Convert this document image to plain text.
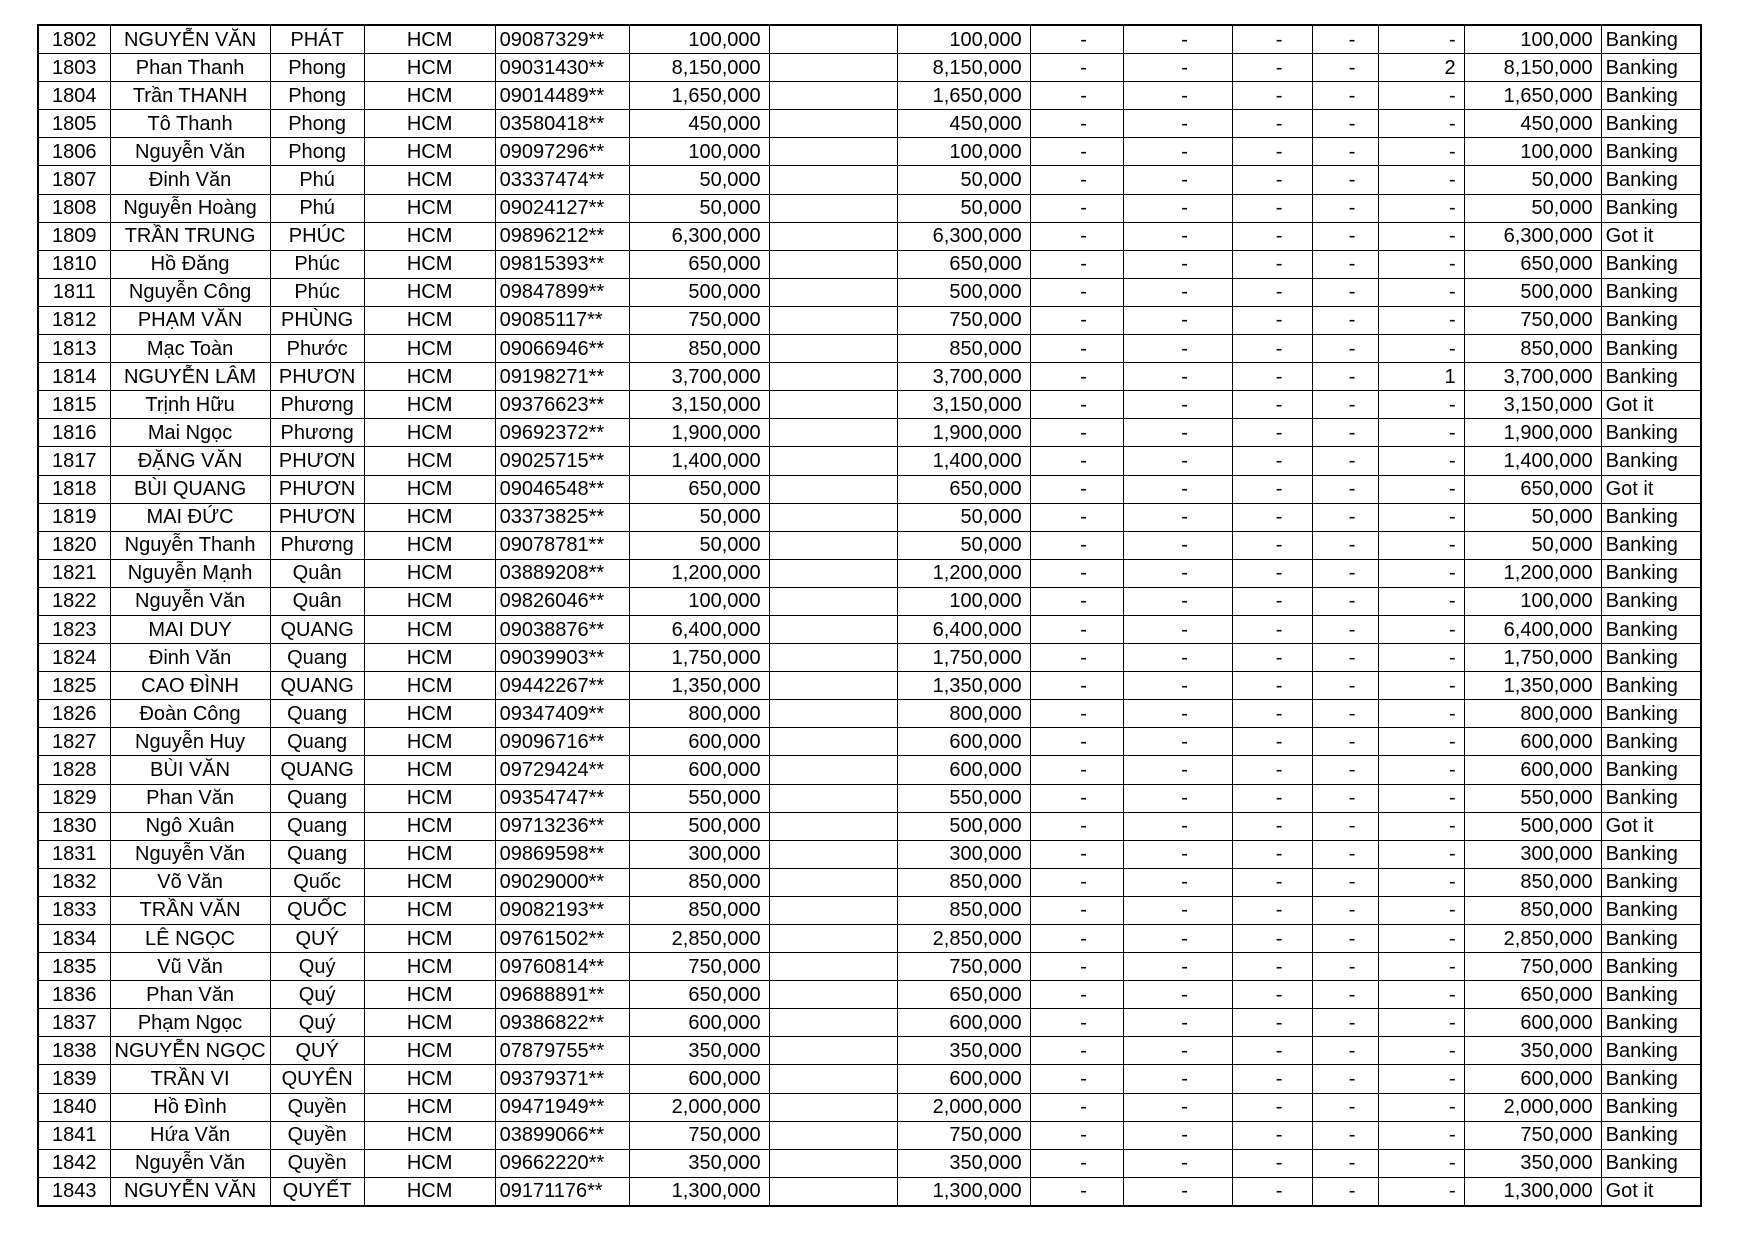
1802	NGUYỄN VĂN	PHÁT	HCM	09087329**	100,000		100,000	-	-	-	-	-	100,000	Banking
1803	Phan Thanh	Phong	HCM	09031430**	8,150,000		8,150,000	-	-	-	-	2	8,150,000	Banking
1804	Trần THANH	Phong	HCM	09014489**	1,650,000		1,650,000	-	-	-	-	-	1,650,000	Banking
1805	Tô Thanh	Phong	HCM	03580418**	450,000		450,000	-	-	-	-	-	450,000	Banking
1806	Nguyễn Văn	Phong	HCM	09097296**	100,000		100,000	-	-	-	-	-	100,000	Banking
1807	Đinh Văn	Phú	HCM	03337474**	50,000		50,000	-	-	-	-	-	50,000	Banking
1808	Nguyễn Hoàng	Phú	HCM	09024127**	50,000		50,000	-	-	-	-	-	50,000	Banking
1809	TRẦN TRUNG	PHÚC	HCM	09896212**	6,300,000		6,300,000	-	-	-	-	-	6,300,000	Got it
1810	Hồ Đăng	Phúc	HCM	09815393**	650,000		650,000	-	-	-	-	-	650,000	Banking
1811	Nguyễn Công	Phúc	HCM	09847899**	500,000		500,000	-	-	-	-	-	500,000	Banking
1812	PHẠM VĂN	PHÙNG	HCM	09085117**	750,000		750,000	-	-	-	-	-	750,000	Banking
1813	Mạc Toàn	Phước	HCM	09066946**	850,000		850,000	-	-	-	-	-	850,000	Banking
1814	NGUYỄN LÂM	PHƯƠN	HCM	09198271**	3,700,000		3,700,000	-	-	-	-	1	3,700,000	Banking
1815	Trịnh Hữu	Phương	HCM	09376623**	3,150,000		3,150,000	-	-	-	-	-	3,150,000	Got it
1816	Mai Ngọc	Phương	HCM	09692372**	1,900,000		1,900,000	-	-	-	-	-	1,900,000	Banking
1817	ĐẶNG VĂN	PHƯƠN	HCM	09025715**	1,400,000		1,400,000	-	-	-	-	-	1,400,000	Banking
1818	BÙI QUANG	PHƯƠN	HCM	09046548**	650,000		650,000	-	-	-	-	-	650,000	Got it
1819	MAI ĐỨC	PHƯƠN	HCM	03373825**	50,000		50,000	-	-	-	-	-	50,000	Banking
1820	Nguyễn Thanh	Phương	HCM	09078781**	50,000		50,000	-	-	-	-	-	50,000	Banking
1821	Nguyễn Mạnh	Quân	HCM	03889208**	1,200,000		1,200,000	-	-	-	-	-	1,200,000	Banking
1822	Nguyễn Văn	Quân	HCM	09826046**	100,000		100,000	-	-	-	-	-	100,000	Banking
1823	MAI DUY	QUANG	HCM	09038876**	6,400,000		6,400,000	-	-	-	-	-	6,400,000	Banking
1824	Đinh Văn	Quang	HCM	09039903**	1,750,000		1,750,000	-	-	-	-	-	1,750,000	Banking
1825	CAO ĐÌNH	QUANG	HCM	09442267**	1,350,000		1,350,000	-	-	-	-	-	1,350,000	Banking
1826	Đoàn Công	Quang	HCM	09347409**	800,000		800,000	-	-	-	-	-	800,000	Banking
1827	Nguyễn Huy	Quang	HCM	09096716**	600,000		600,000	-	-	-	-	-	600,000	Banking
1828	BÙI VĂN	QUANG	HCM	09729424**	600,000		600,000	-	-	-	-	-	600,000	Banking
1829	Phan Văn	Quang	HCM	09354747**	550,000		550,000	-	-	-	-	-	550,000	Banking
1830	Ngô Xuân	Quang	HCM	09713236**	500,000		500,000	-	-	-	-	-	500,000	Got it
1831	Nguyễn Văn	Quang	HCM	09869598**	300,000		300,000	-	-	-	-	-	300,000	Banking
1832	Võ Văn	Quốc	HCM	09029000**	850,000		850,000	-	-	-	-	-	850,000	Banking
1833	TRẦN VĂN	QUỐC	HCM	09082193**	850,000		850,000	-	-	-	-	-	850,000	Banking
1834	LÊ NGỌC	QUÝ	HCM	09761502**	2,850,000		2,850,000	-	-	-	-	-	2,850,000	Banking
1835	Vũ Văn	Quý	HCM	09760814**	750,000		750,000	-	-	-	-	-	750,000	Banking
1836	Phan Văn	Quý	HCM	09688891**	650,000		650,000	-	-	-	-	-	650,000	Banking
1837	Phạm Ngọc	Quý	HCM	09386822**	600,000		600,000	-	-	-	-	-	600,000	Banking
1838	NGUYỄN NGỌC	QUÝ	HCM	07879755**	350,000		350,000	-	-	-	-	-	350,000	Banking
1839	TRẦN VI	QUYÊN	HCM	09379371**	600,000		600,000	-	-	-	-	-	600,000	Banking
1840	Hồ Đình	Quyền	HCM	09471949**	2,000,000		2,000,000	-	-	-	-	-	2,000,000	Banking
1841	Hứa Văn	Quyền	HCM	03899066**	750,000		750,000	-	-	-	-	-	750,000	Banking
1842	Nguyễn Văn	Quyền	HCM	09662220**	350,000		350,000	-	-	-	-	-	350,000	Banking
1843	NGUYỄN VĂN	QUYẾT	HCM	09171176**	1,300,000		1,300,000	-	-	-	-	-	1,300,000	Got it
